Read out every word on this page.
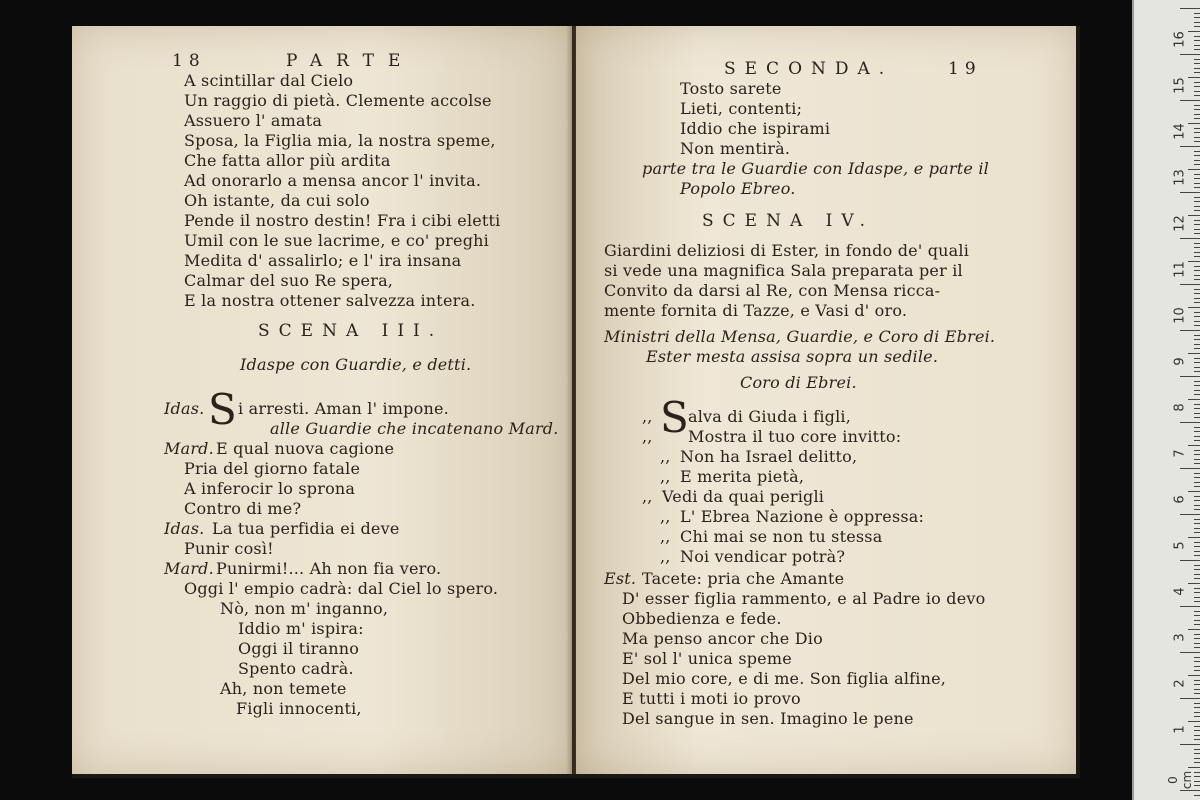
18	PARTE
A scintillar dal Cielo
Un raggio di pietà. Clemente accolse
Assuero l' amata
Sposa, la Figlia mia, la nostra speme,
Che fatta allor più ardita
Ad onorarlo a mensa ancor l' invita.
Oh istante, da cui solo
Pende il nostro destin! Fra i cibi eletti
Umil con le sue lacrime, e co' preghi
Medita d' assalirlo; e l' ira insana
Calmar del suo Re spera,
E la nostra ottener salvezza intera.
SCENA III.
Idaspe con Guardie, e detti.
Idas. S i arresti. Aman l' impone.
alle Guardie che incatenano Mard.
Mard. E qual nuova cagione
Pria del giorno fatale
A inferocir lo sprona
Contro di me?
Idas. La tua perfidia ei deve
Punir così!
Mard. Punirmi!... Ah non fia vero.
Oggi l' empio cadrà: dal Ciel lo spero.
Nò, non m' inganno,
Iddio m' ispira:
Oggi il tiranno
Spento cadrà.
Ah, non temete
Figli innocenti,
SECONDA.	19
Tosto sarete
Lieti, contenti;
Iddio che ispirami
Non mentirà.
parte tra le Guardie con Idaspe, e parte il
Popolo Ebreo.
SCENA IV.
Giardini deliziosi di Ester, in fondo de' quali
si vede una magnifica Sala preparata per il
Convito da darsi al Re, con Mensa ricca-
mente fornita di Tazze, e Vasi d' oro.
Ministri della Mensa, Guardie, e Coro di Ebrei.
Ester mesta assisa sopra un sedile.
Coro di Ebrei.
,, S alva di Giuda i figli,
,, Mostra il tuo core invitto:
,, Non ha Israel delitto,
,, E merita pietà,
,, Vedi da quai perigli
,, L' Ebrea Nazione è oppressa:
,, Chi mai se non tu stessa
,, Noi vendicar potrà?
Est. Tacete: pria che Amante
D' esser figlia rammento, e al Padre io devo
Obbedienza e fede.
Ma penso ancor che Dio
E' sol l' unica speme
Del mio core, e di me. Son figlia alfine,
E tutti i moti io provo
Del sangue in sen. Imagino le pene
16
15
14
13
12
11
10
9
8
7
6
5
4
3
2
1
0 cm
